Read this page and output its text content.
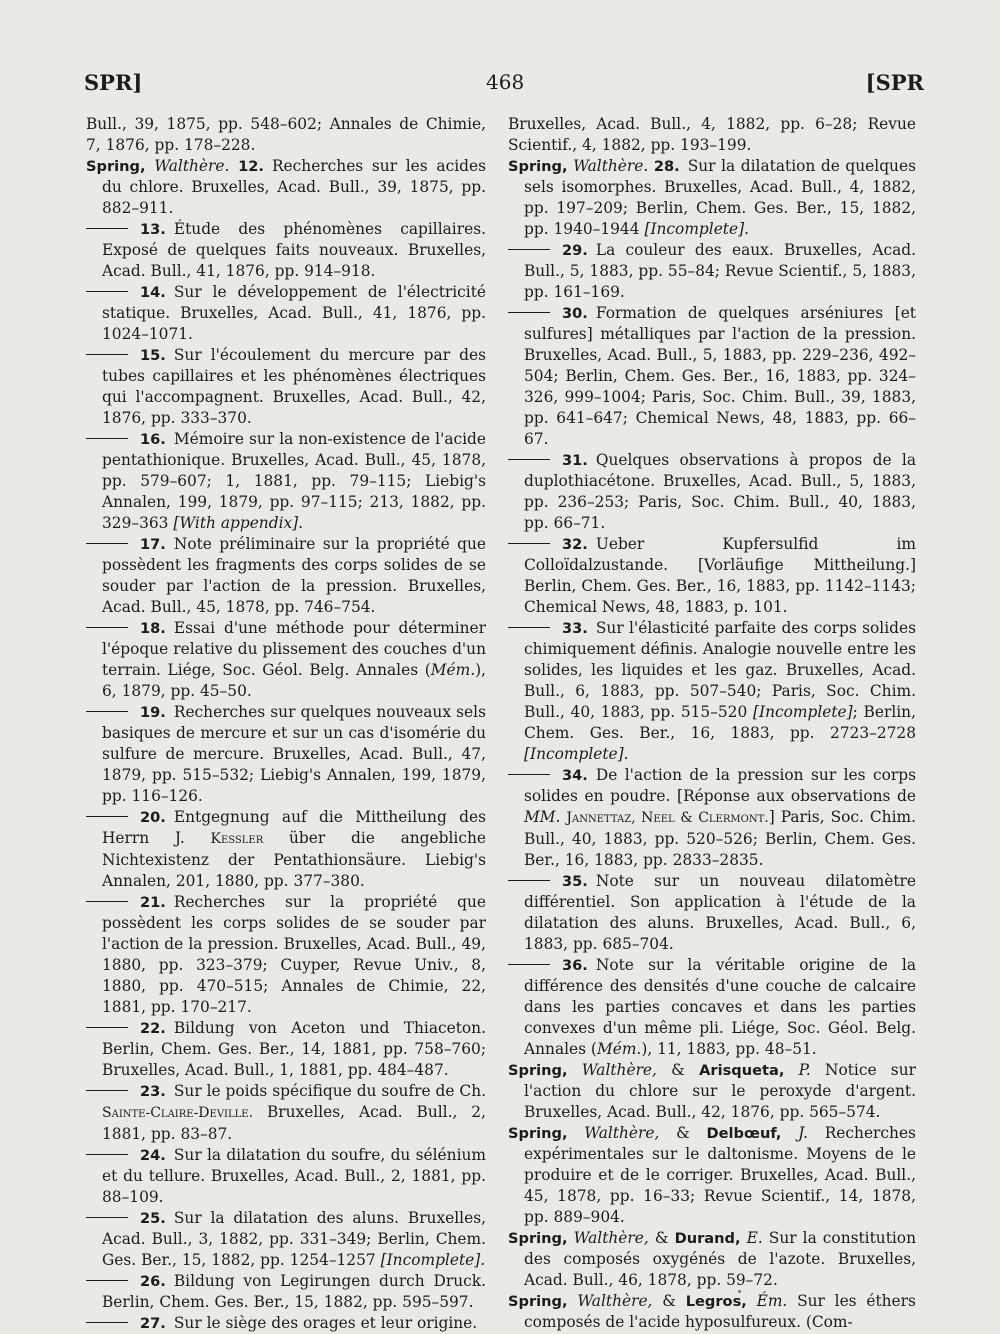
SPR]	468	[SPR

Bull., 39, 1875, pp. 548–602; Annales de Chimie, 7, 1876, pp. 178–228.

Spring, Walthère. 12. Recherches sur les acides du chlore. Bruxelles, Acad. Bull., 39, 1875, pp. 882–911.

13. Étude des phénomènes capillaires. Exposé de quelques faits nouveaux. Bruxelles, Acad. Bull., 41, 1876, pp. 914–918.

14. Sur le développement de l'électricité statique. Bruxelles, Acad. Bull., 41, 1876, pp. 1024–1071.

15. Sur l'écoulement du mercure par des tubes capillaires et les phénomènes électriques qui l'accompagnent. Bruxelles, Acad. Bull., 42, 1876, pp. 333–370.

16. Mémoire sur la non-existence de l'acide pentathionique. Bruxelles, Acad. Bull., 45, 1878, pp. 579–607; 1, 1881, pp. 79–115; Liebig's Annalen, 199, 1879, pp. 97–115; 213, 1882, pp. 329–363 [With appendix].

17. Note préliminaire sur la propriété que possèdent les fragments des corps solides de se souder par l'action de la pression. Bruxelles, Acad. Bull., 45, 1878, pp. 746–754.

18. Essai d'une méthode pour déterminer l'époque relative du plissement des couches d'un terrain. Liége, Soc. Géol. Belg. Annales (Mém.), 6, 1879, pp. 45–50.

19. Recherches sur quelques nouveaux sels basiques de mercure et sur un cas d'isomérie du sulfure de mercure. Bruxelles, Acad. Bull., 47, 1879, pp. 515–532; Liebig's Annalen, 199, 1879, pp. 116–126.

20. Entgegnung auf die Mittheilung des Herrn J. Kessler über die angebliche Nichtexistenz der Pentathionsäure. Liebig's Annalen, 201, 1880, pp. 377–380.

21. Recherches sur la propriété que possèdent les corps solides de se souder par l'action de la pression. Bruxelles, Acad. Bull., 49, 1880, pp. 323–379; Cuyper, Revue Univ., 8, 1880, pp. 470–515; Annales de Chimie, 22, 1881, pp. 170–217.

22. Bildung von Aceton und Thiaceton. Berlin, Chem. Ges. Ber., 14, 1881, pp. 758–760; Bruxelles, Acad. Bull., 1, 1881, pp. 484–487.

23. Sur le poids spécifique du soufre de Ch. Sainte-Claire-Deville. Bruxelles, Acad. Bull., 2, 1881, pp. 83–87.

24. Sur la dilatation du soufre, du sélénium et du tellure. Bruxelles, Acad. Bull., 2, 1881, pp. 88–109.

25. Sur la dilatation des aluns. Bruxelles, Acad. Bull., 3, 1882, pp. 331–349; Berlin, Chem. Ges. Ber., 15, 1882, pp. 1254–1257 [Incomplete].

26. Bildung von Legirungen durch Druck. Berlin, Chem. Ges. Ber., 15, 1882, pp. 595–597.

27. Sur le siège des orages et leur origine.

Bruxelles, Acad. Bull., 4, 1882, pp. 6–28; Revue Scientif., 4, 1882, pp. 193–199.

Spring, Walthère. 28. Sur la dilatation de quelques sels isomorphes. Bruxelles, Acad. Bull., 4, 1882, pp. 197–209; Berlin, Chem. Ges. Ber., 15, 1882, pp. 1940–1944 [Incomplete].

29. La couleur des eaux. Bruxelles, Acad. Bull., 5, 1883, pp. 55–84; Revue Scientif., 5, 1883, pp. 161–169.

30. Formation de quelques arséniures [et sulfures] métalliques par l'action de la pression. Bruxelles, Acad. Bull., 5, 1883, pp. 229–236, 492–504; Berlin, Chem. Ges. Ber., 16, 1883, pp. 324–326, 999–1004; Paris, Soc. Chim. Bull., 39, 1883, pp. 641–647; Chemical News, 48, 1883, pp. 66–67.

31. Quelques observations à propos de la duplothiacétone. Bruxelles, Acad. Bull., 5, 1883, pp. 236–253; Paris, Soc. Chim. Bull., 40, 1883, pp. 66–71.

32. Ueber Kupfersulfid im Colloïdalzustande. [Vorläufige Mittheilung.] Berlin, Chem. Ges. Ber., 16, 1883, pp. 1142–1143; Chemical News, 48, 1883, p. 101.

33. Sur l'élasticité parfaite des corps solides chimiquement définis. Analogie nouvelle entre les solides, les liquides et les gaz. Bruxelles, Acad. Bull., 6, 1883, pp. 507–540; Paris, Soc. Chim. Bull., 40, 1883, pp. 515–520 [Incomplete]; Berlin, Chem. Ges. Ber., 16, 1883, pp. 2723–2728 [Incomplete].

34. De l'action de la pression sur les corps solides en poudre. [Réponse aux observations de MM. Jannettaz, Neel & Clermont.] Paris, Soc. Chim. Bull., 40, 1883, pp. 520–526; Berlin, Chem. Ges. Ber., 16, 1883, pp. 2833–2835.

35. Note sur un nouveau dilatomètre différentiel. Son application à l'étude de la dilatation des aluns. Bruxelles, Acad. Bull., 6, 1883, pp. 685–704.

36. Note sur la véritable origine de la différence des densités d'une couche de calcaire dans les parties concaves et dans les parties convexes d'un même pli. Liége, Soc. Géol. Belg. Annales (Mém.), 11, 1883, pp. 48–51.

Spring, Walthère, & Arisqueta, P. Notice sur l'action du chlore sur le peroxyde d'argent. Bruxelles, Acad. Bull., 42, 1876, pp. 565–574.

Spring, Walthère, & Delbœuf, J. Recherches expérimentales sur le daltonisme. Moyens de le produire et de le corriger. Bruxelles, Acad. Bull., 45, 1878, pp. 16–33; Revue Scientif., 14, 1878, pp. 889–904.

Spring, Walthère, & Durand, E. Sur la constitution des composés oxygénés de l'azote. Bruxelles, Acad. Bull., 46, 1878, pp. 59–72.

Spring, Walthère, & Legros, Ém. Sur les éthers composés de l'acide hyposulfureux. (Com-
